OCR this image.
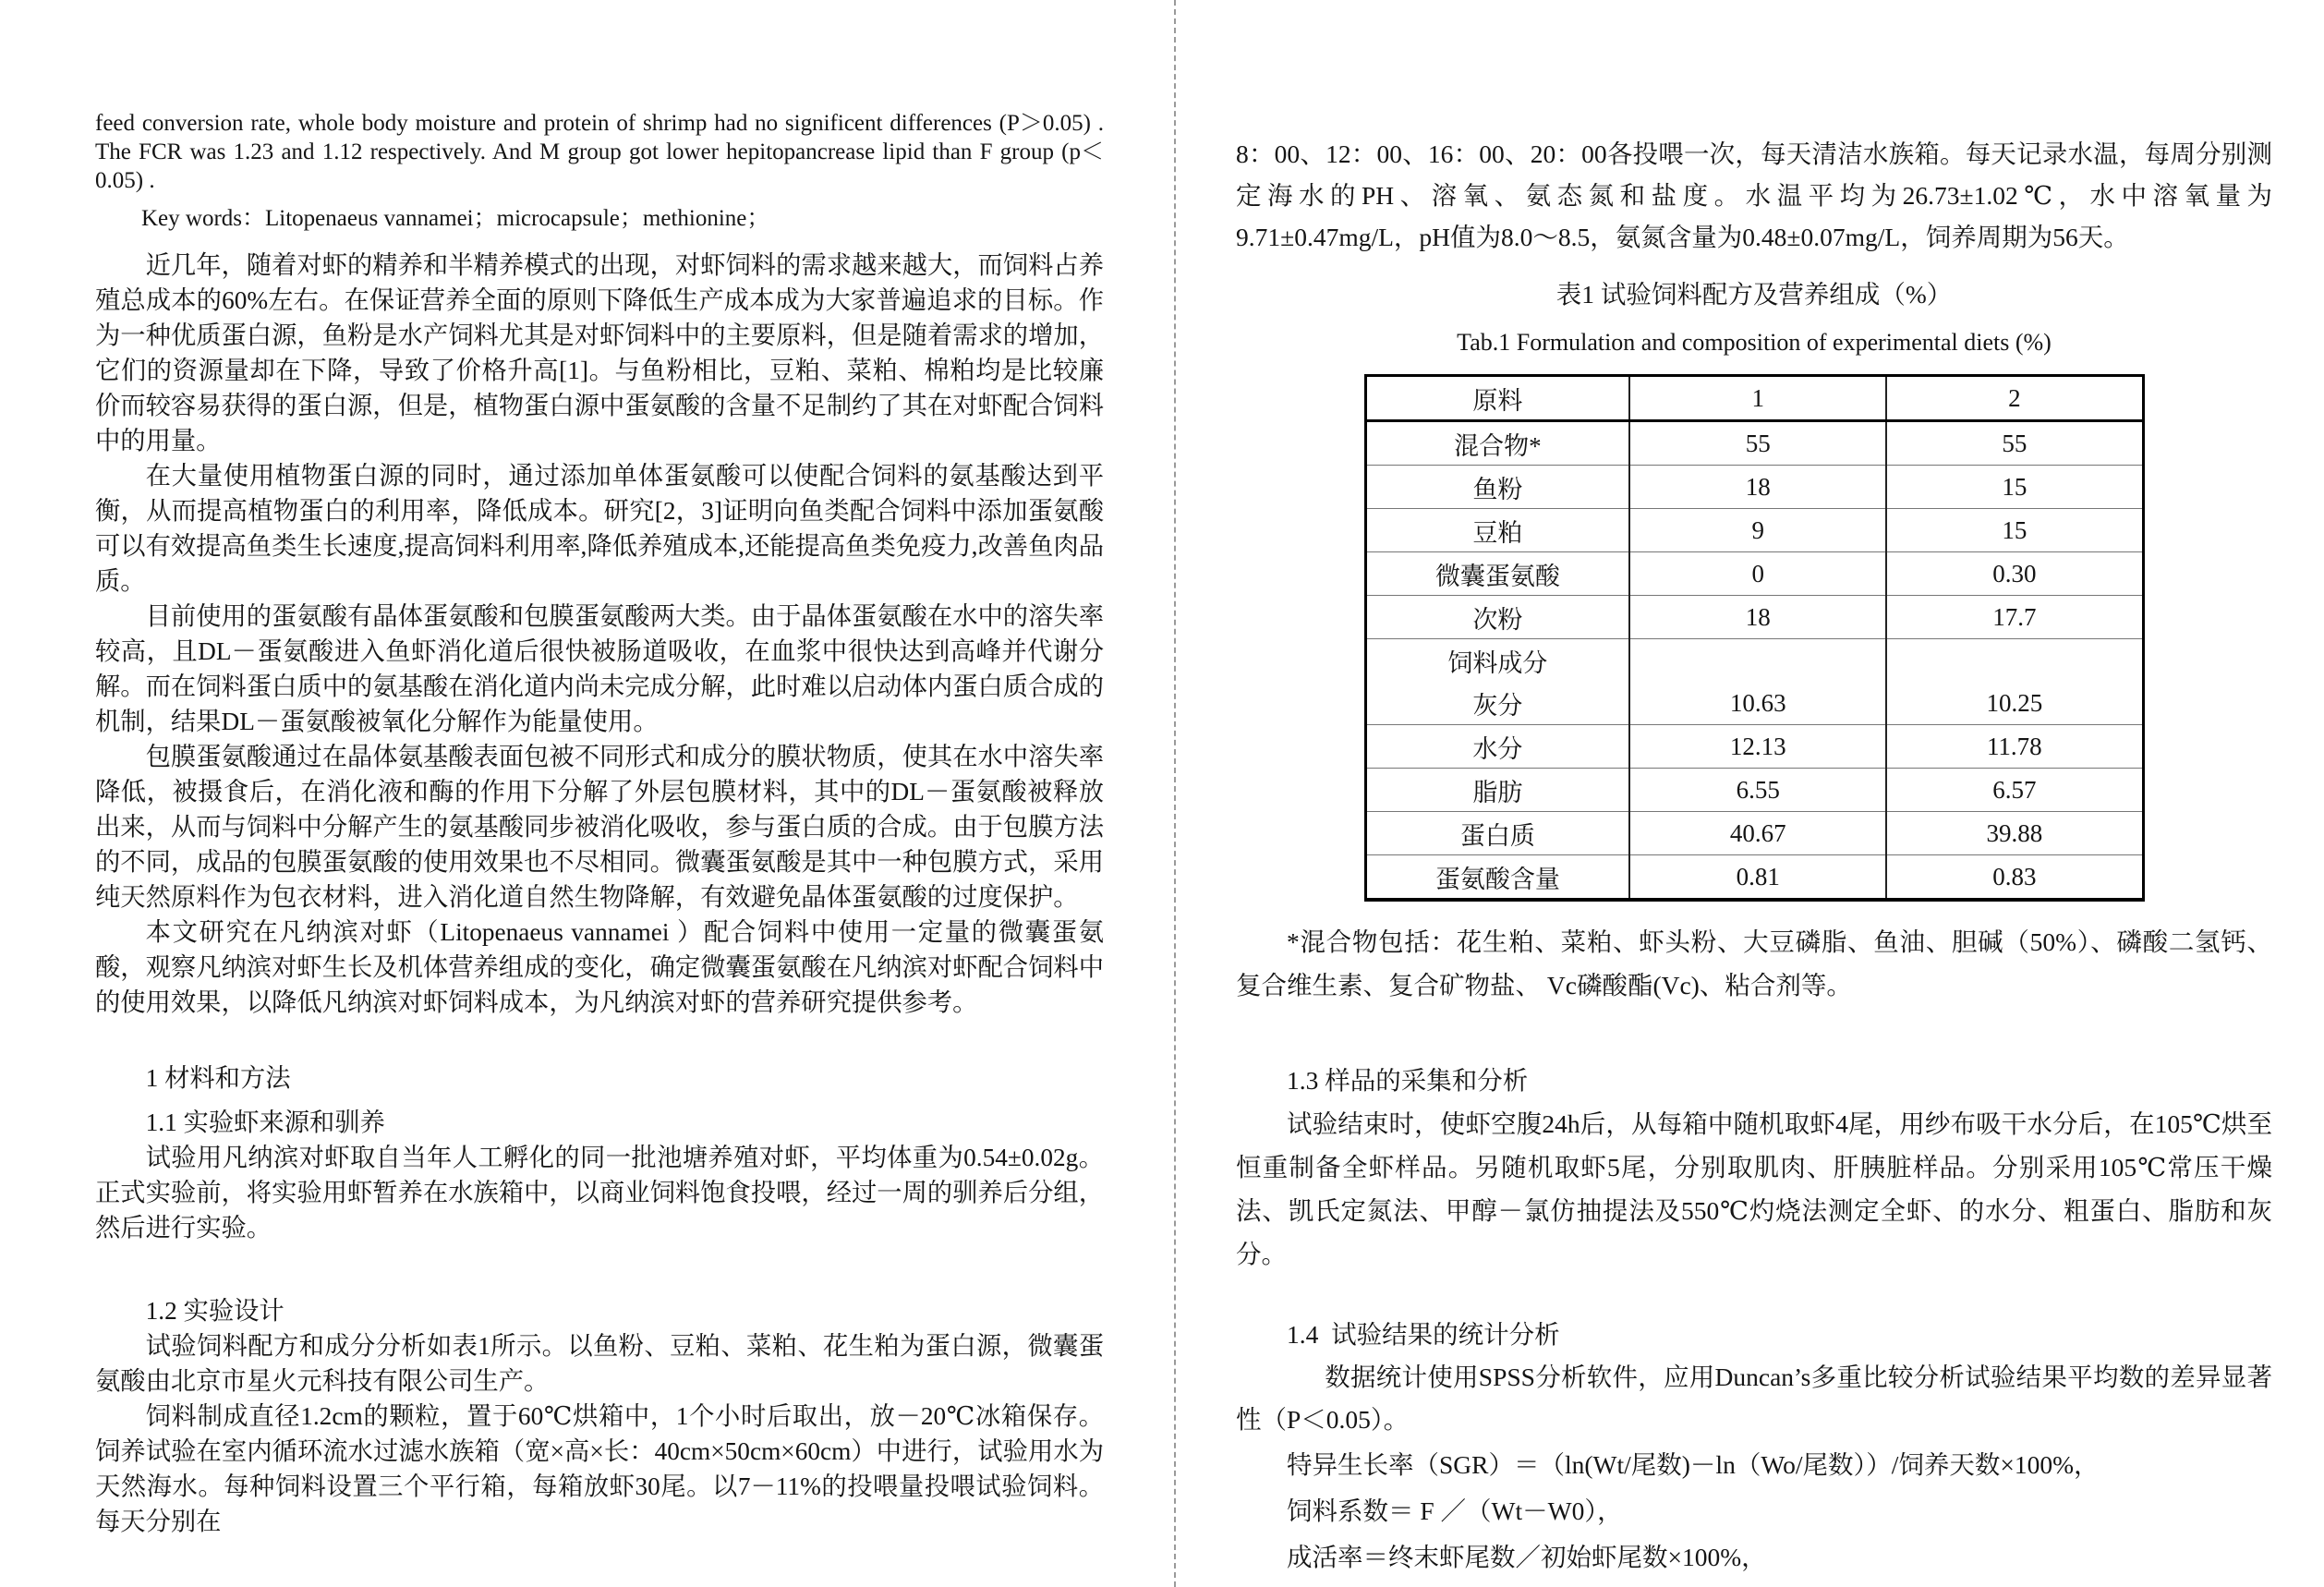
feed conversion rate, whole body moisture and protein of shrimp had no significent differences (P＞0.05) . The FCR was 1.23 and 1.12 respectively. And M group got lower hepitopancrease lipid than F group (p＜0.05) .

Key words：Litopenaeus vannamei；microcapsule；methionine；

近几年，随着对虾的精养和半精养模式的出现，对虾饲料的需求越来越大，而饲料占养殖总成本的60%左右。在保证营养全面的原则下降低生产成本成为大家普遍追求的目标。作为一种优质蛋白源，鱼粉是水产饲料尤其是对虾饲料中的主要原料，但是随着需求的增加，它们的资源量却在下降，导致了价格升高[1]。与鱼粉相比，豆粕、菜粕、棉粕均是比较廉价而较容易获得的蛋白源，但是，植物蛋白源中蛋氨酸的含量不足制约了其在对虾配合饲料中的用量。

在大量使用植物蛋白源的同时，通过添加单体蛋氨酸可以使配合饲料的氨基酸达到平衡，从而提高植物蛋白的利用率，降低成本。研究[2，3]证明向鱼类配合饲料中添加蛋氨酸可以有效提高鱼类生长速度,提高饲料利用率,降低养殖成本,还能提高鱼类免疫力,改善鱼肉品质。

目前使用的蛋氨酸有晶体蛋氨酸和包膜蛋氨酸两大类。由于晶体蛋氨酸在水中的溶失率较高，且DL－蛋氨酸进入鱼虾消化道后很快被肠道吸收，在血浆中很快达到高峰并代谢分解。而在饲料蛋白质中的氨基酸在消化道内尚未完成分解，此时难以启动体内蛋白质合成的机制，结果DL－蛋氨酸被氧化分解作为能量使用。

包膜蛋氨酸通过在晶体氨基酸表面包被不同形式和成分的膜状物质，使其在水中溶失率降低，被摄食后，在消化液和酶的作用下分解了外层包膜材料，其中的DL－蛋氨酸被释放出来，从而与饲料中分解产生的氨基酸同步被消化吸收，参与蛋白质的合成。由于包膜方法的不同，成品的包膜蛋氨酸的使用效果也不尽相同。微囊蛋氨酸是其中一种包膜方式，采用纯天然原料作为包衣材料，进入消化道自然生物降解，有效避免晶体蛋氨酸的过度保护。

本文研究在凡纳滨对虾（Litopenaeus vannamei ）配合饲料中使用一定量的微囊蛋氨酸，观察凡纳滨对虾生长及机体营养组成的变化，确定微囊蛋氨酸在凡纳滨对虾配合饲料中的使用效果，以降低凡纳滨对虾饲料成本，为凡纳滨对虾的营养研究提供参考。

1 材料和方法

1.1 实验虾来源和驯养

试验用凡纳滨对虾取自当年人工孵化的同一批池塘养殖对虾，平均体重为0.54±0.02g。正式实验前，将实验用虾暂养在水族箱中，以商业饲料饱食投喂，经过一周的驯养后分组，然后进行实验。

1.2 实验设计

试验饲料配方和成分分析如表1所示。以鱼粉、豆粕、菜粕、花生粕为蛋白源，微囊蛋氨酸由北京市星火元科技有限公司生产。

饲料制成直径1.2cm的颗粒，置于60℃烘箱中，1个小时后取出，放－20℃冰箱保存。饲养试验在室内循环流水过滤水族箱（宽×高×长：40cm×50cm×60cm）中进行，试验用水为天然海水。每种饲料设置三个平行箱，每箱放虾30尾。以7－11%的投喂量投喂试验饲料。每天分别在

8：00、12：00、16：00、20：00各投喂一次，每天清洁水族箱。每天记录水温，每周分别测定海水的PH、溶氧、氨态氮和盐度。水温平均为26.73±1.02℃，水中溶氧量为9.71±0.47mg/L，pH值为8.0～8.5，氨氮含量为0.48±0.07mg/L，饲养周期为56天。

表1 试验饲料配方及营养组成（%）

Tab.1 Formulation and composition of experimental diets (%)

原料	1	2
混合物*	55	55
鱼粉	18	15
豆粕	9	15
微囊蛋氨酸	0	0.30
次粉	18	17.7
饲料成分		
灰分	10.63	10.25
水分	12.13	11.78
脂肪	6.55	6.57
蛋白质	40.67	39.88
蛋氨酸含量	0.81	0.83

*混合物包括：花生粕、菜粕、虾头粉、大豆磷脂、鱼油、胆碱（50%）、磷酸二氢钙、复合维生素、复合矿物盐、 Vc磷酸酯(Vc)、粘合剂等。

1.3 样品的采集和分析

试验结束时，使虾空腹24h后，从每箱中随机取虾4尾，用纱布吸干水分后，在105℃烘至恒重制备全虾样品。另随机取虾5尾，分别取肌肉、肝胰脏样品。分别采用105℃常压干燥法、凯氏定氮法、甲醇－氯仿抽提法及550℃灼烧法测定全虾、的水分、粗蛋白、脂肪和灰分。

1.4  试验结果的统计分析

数据统计使用SPSS分析软件，应用Duncan’s多重比较分析试验结果平均数的差异显著性（P＜0.05）。

特异生长率（SGR）＝（ln(Wt/尾数)－ln（Wo/尾数））/饲养天数×100%，

饲料系数＝ F ／（Wt－W0），

成活率＝终末虾尾数／初始虾尾数×100%，
